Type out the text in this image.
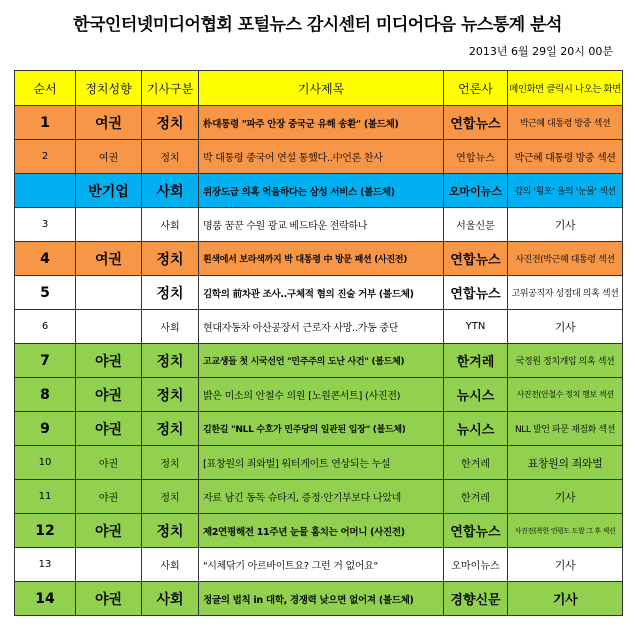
한국인터넷미디어협회 포털뉴스 감시센터 미디어다음 뉴스통계 분석
2013년 6월 29일 20시 00분
순서	정치성향	기사구분	기사제목	언론사	메인화면 클릭시 나오는 화면
1	여권	정치	朴대통령 "파주 안장 중국군 유해 송환" (볼드체)	연합뉴스	박근혜 대통령 방중 섹션
2	여권	정치	박 대통령 중국어 연설 통했다..中언론 찬사	연합뉴스	박근혜 대통령 방중 섹션
	반기업	사회	위장도급 의혹 억울하다는 삼성 서비스 (볼드체)	오마이뉴스	갑의 '횡포' 을의 '눈물' 섹션
3		사회	명품 꿈꾼 수원 광교 베드타운 전락하나	서울신문	기사
4	여권	정치	흰색에서 보라색까지 박 대통령 中 방문 패션 (사진전)	연합뉴스	사진전(박근혜 대통령 섹션
5		정치	김학의 前차관 조사..구체적 혐의 진술 거부 (볼드체)	연합뉴스	고위공직자 성접대 의혹 섹션
6		사회	현대자동차 아산공장서 근로자 사망..가동 중단	YTN	기사
7	야권	정치	고교생들 첫 시국선언 "민주주의 도난 사건" (볼드체)	한겨레	국정원 정치개입 의혹 섹션
8	야권	정치	밝은 미소의 안철수 의원 [노원콘서트] (사진전)	뉴시스	사진전(안철수 정치 행보 섹션
9	야권	정치	김한길 "NLL 수호가 민주당의 일관된 입장" (볼드체)	뉴시스	NLL 발언 파문 재점화 섹션
10	야권	정치	[표창원의 죄와벌] 워터게이트 연상되는 누설	한겨레	표창원의 죄와벌
11	야권	정치	자료 남긴 동독 슈타지, 증정·안기부보다 나았네	한겨레	기사
12	야권	정치	제2연평해전 11주년 눈물 훔치는 어머니 (사진전)	연합뉴스	사진전(북한 연평도 도발 그 후 섹션
13		사회	"시체닦기 아르바이트요? 그런 거 없어요"	오마이뉴스	기사
14	야권	사회	정글의 법칙 in 대학, 경쟁력 낮으면 없어져 (볼드체)	경향신문	기사
